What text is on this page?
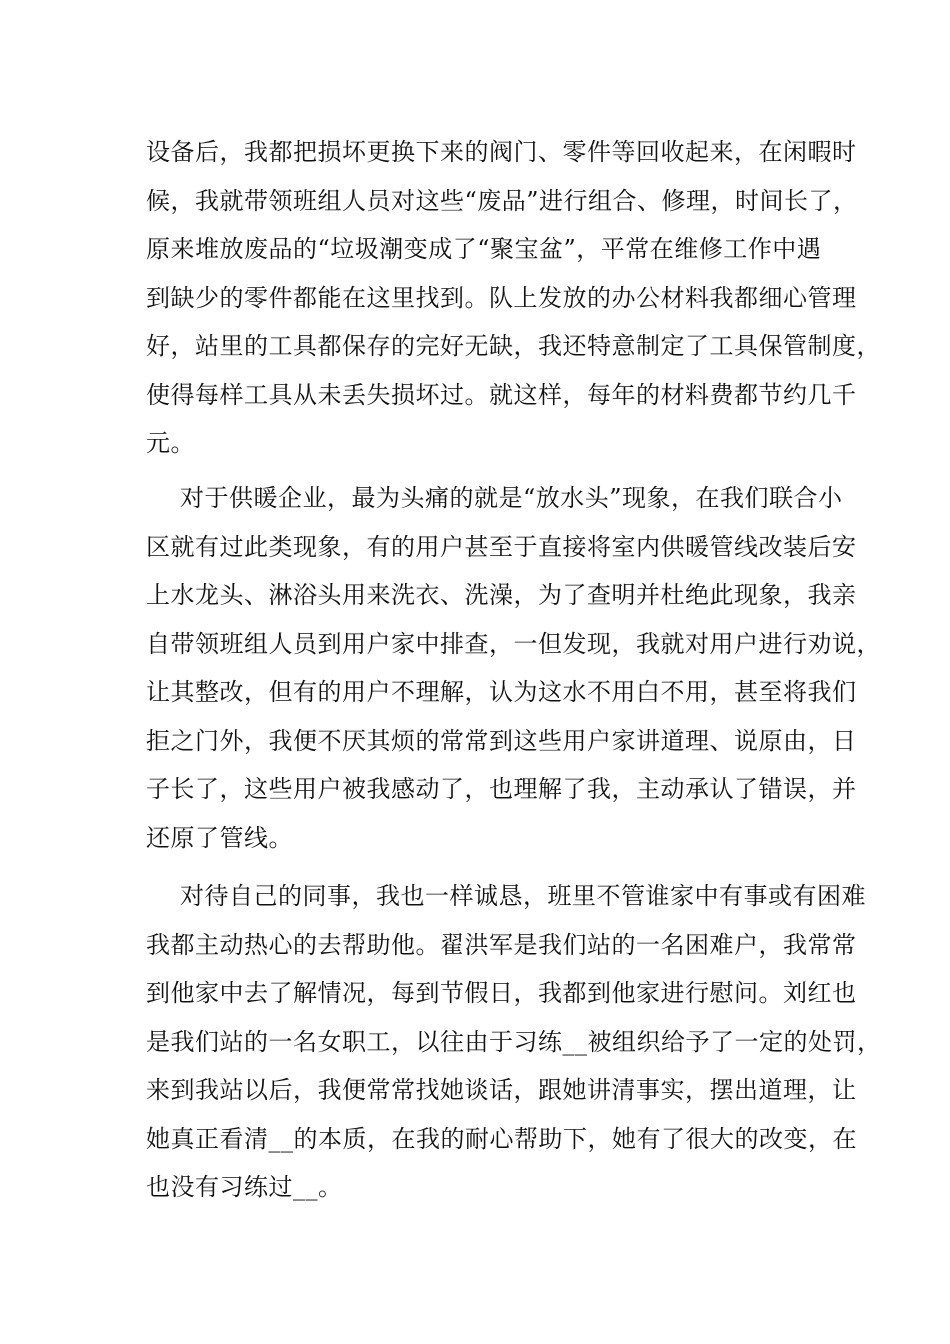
设备后，我都把损坏更换下来的阀门、零件等回收起来，在闲暇时
候，我就带领班组人员对这些“废品”进行组合、修理，时间长了，
原来堆放废品的“垃圾潮变成了“聚宝盆”，平常在维修工作中遇
到缺少的零件都能在这里找到。队上发放的办公材料我都细心管理
好，站里的工具都保存的完好无缺，我还特意制定了工具保管制度，
使得每样工具从未丢失损坏过。就这样，每年的材料费都节约几千
元。

对于供暖企业，最为头痛的就是“放水头”现象，在我们联合小
区就有过此类现象，有的用户甚至于直接将室内供暖管线改装后安
上水龙头、淋浴头用来洗衣、洗澡，为了查明并杜绝此现象，我亲
自带领班组人员到用户家中排查，一但发现，我就对用户进行劝说，
让其整改，但有的用户不理解，认为这水不用白不用，甚至将我们
拒之门外，我便不厌其烦的常常到这些用户家讲道理、说原由，日
子长了，这些用户被我感动了，也理解了我，主动承认了错误，并
还原了管线。

对待自己的同事，我也一样诚恳，班里不管谁家中有事或有困难
我都主动热心的去帮助他。翟洪军是我们站的一名困难户，我常常
到他家中去了解情况，每到节假日，我都到他家进行慰问。刘红也
是我们站的一名女职工，以往由于习练__被组织给予了一定的处罚，
来到我站以后，我便常常找她谈话，跟她讲清事实，摆出道理，让
她真正看清__的本质，在我的耐心帮助下，她有了很大的改变，在
也没有习练过__。
